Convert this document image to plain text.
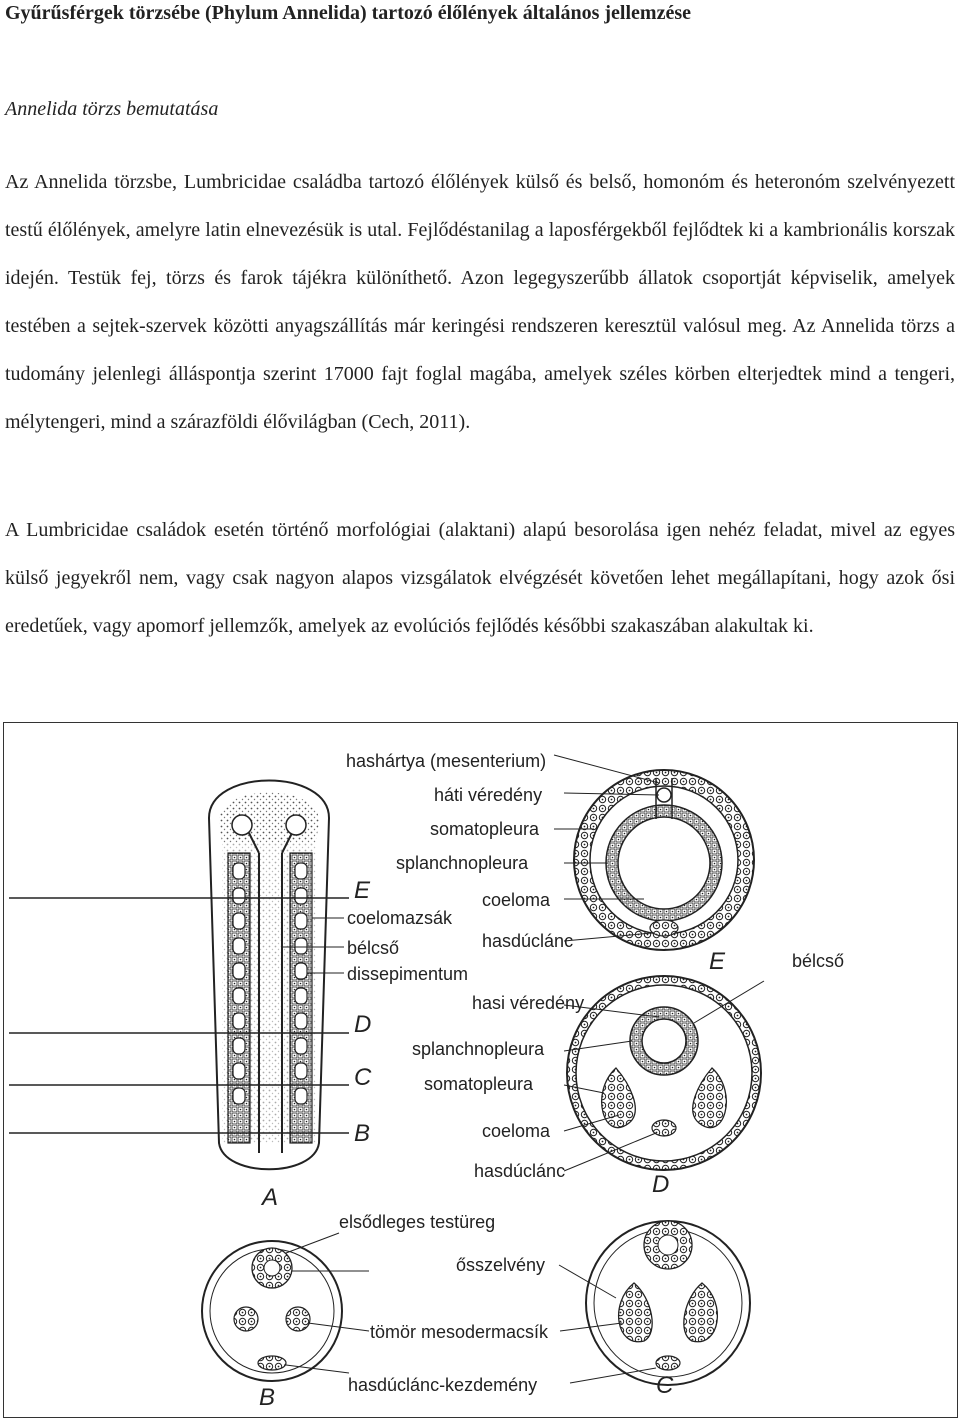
Gyűrűsférgek törzsébe (Phylum Annelida) tartozó élőlények általános jellemzése

Annelida törzs bemutatása

Az Annelida törzsbe, Lumbricidae családba tartozó élőlények külső és belső, homonóm és heteronóm szelvényezett testű élőlények, amelyre latin elnevezésük is utal. Fejlődéstanilag a laposférgekből fejlődtek ki a kambrionális korszak idején. Testük fej, törzs és farok tájékra különíthető. Azon legegyszerűbb állatok csoportját képviselik, amelyek testében a sejtek-szervek közötti anyagszállítás már keringési rendszeren keresztül valósul meg. Az Annelida törzs a tudomány jelenlegi álláspontja szerint 17000 fajt foglal magába, amelyek széles körben elterjedtek mind a tengeri, mélytengeri, mind a szárazföldi élővilágban (Cech, 2011).

A Lumbricidae családok esetén történő morfológiai (alaktani) alapú besorolása igen nehéz feladat, mivel az egyes külső jegyekről nem, vagy csak nagyon alapos vizsgálatok elvégzését követően lehet megállapítani, hogy azok ősi eredetűek, vagy apomorf jellemzők, amelyek az evolúciós fejlődés későbbi szakaszában alakultak ki.

E
coelomazsák
bélcső
dissepimentum
D
C
B
A
hashártya (mesenterium)
háti véredény
somatopleura
splanchnopleura
coeloma
hasdúclánc
E	bélcső
hasi véredény
splanchnopleura
somatopleura
coeloma
hasdúclánc	D
elsődleges testüreg
ősszelvény
tömör mesodermacsík
hasdúclánc-kezdemény
B	C
